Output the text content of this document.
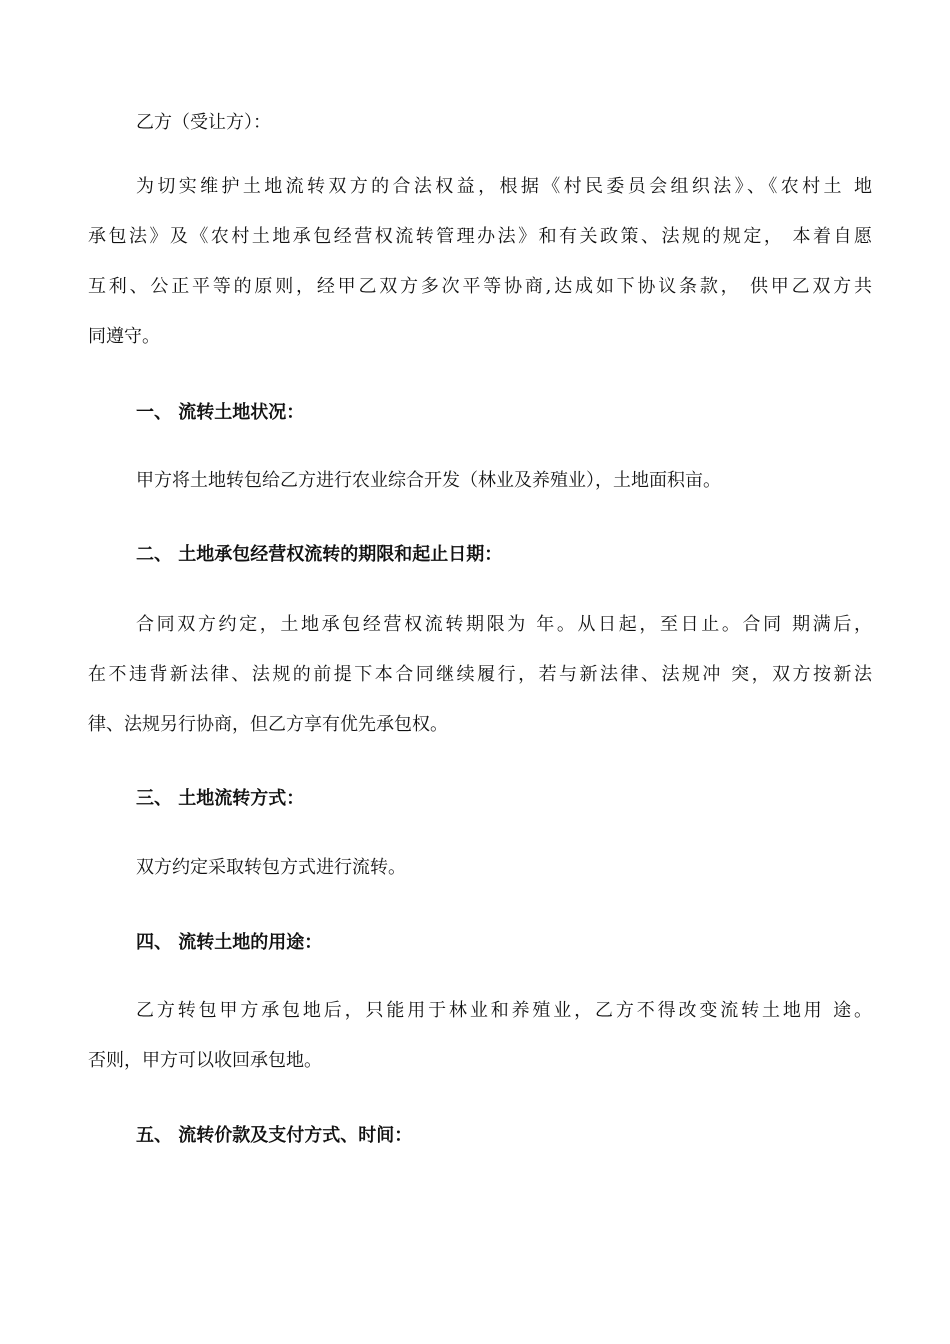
乙方（受让方）：
为切实维护土地流转双方的合法权益，根据《村民委员会组织法》、《农村土 地
承包法》及《农村土地承包经营权流转管理办法》和有关政策、法规的规定， 本着自愿
互利、公正平等的原则，经甲乙双方多次平等协商,达成如下协议条款， 供甲乙双方共
同遵守。
一、 流转土地状况：
甲方将土地转包给乙方进行农业综合开发（林业及养殖业），土地面积亩。
二、 土地承包经营权流转的期限和起止日期：
合同双方约定，土地承包经营权流转期限为 年。从日起，至日止。合同 期满后，
在不违背新法律、法规的前提下本合同继续履行，若与新法律、法规冲 突，双方按新法
律、法规另行协商，但乙方享有优先承包权。
三、 土地流转方式：
双方约定采取转包方式进行流转。
四、 流转土地的用途：
乙方转包甲方承包地后，只能用于林业和养殖业，乙方不得改变流转土地用 途。
否则，甲方可以收回承包地。
五、 流转价款及支付方式、时间：
